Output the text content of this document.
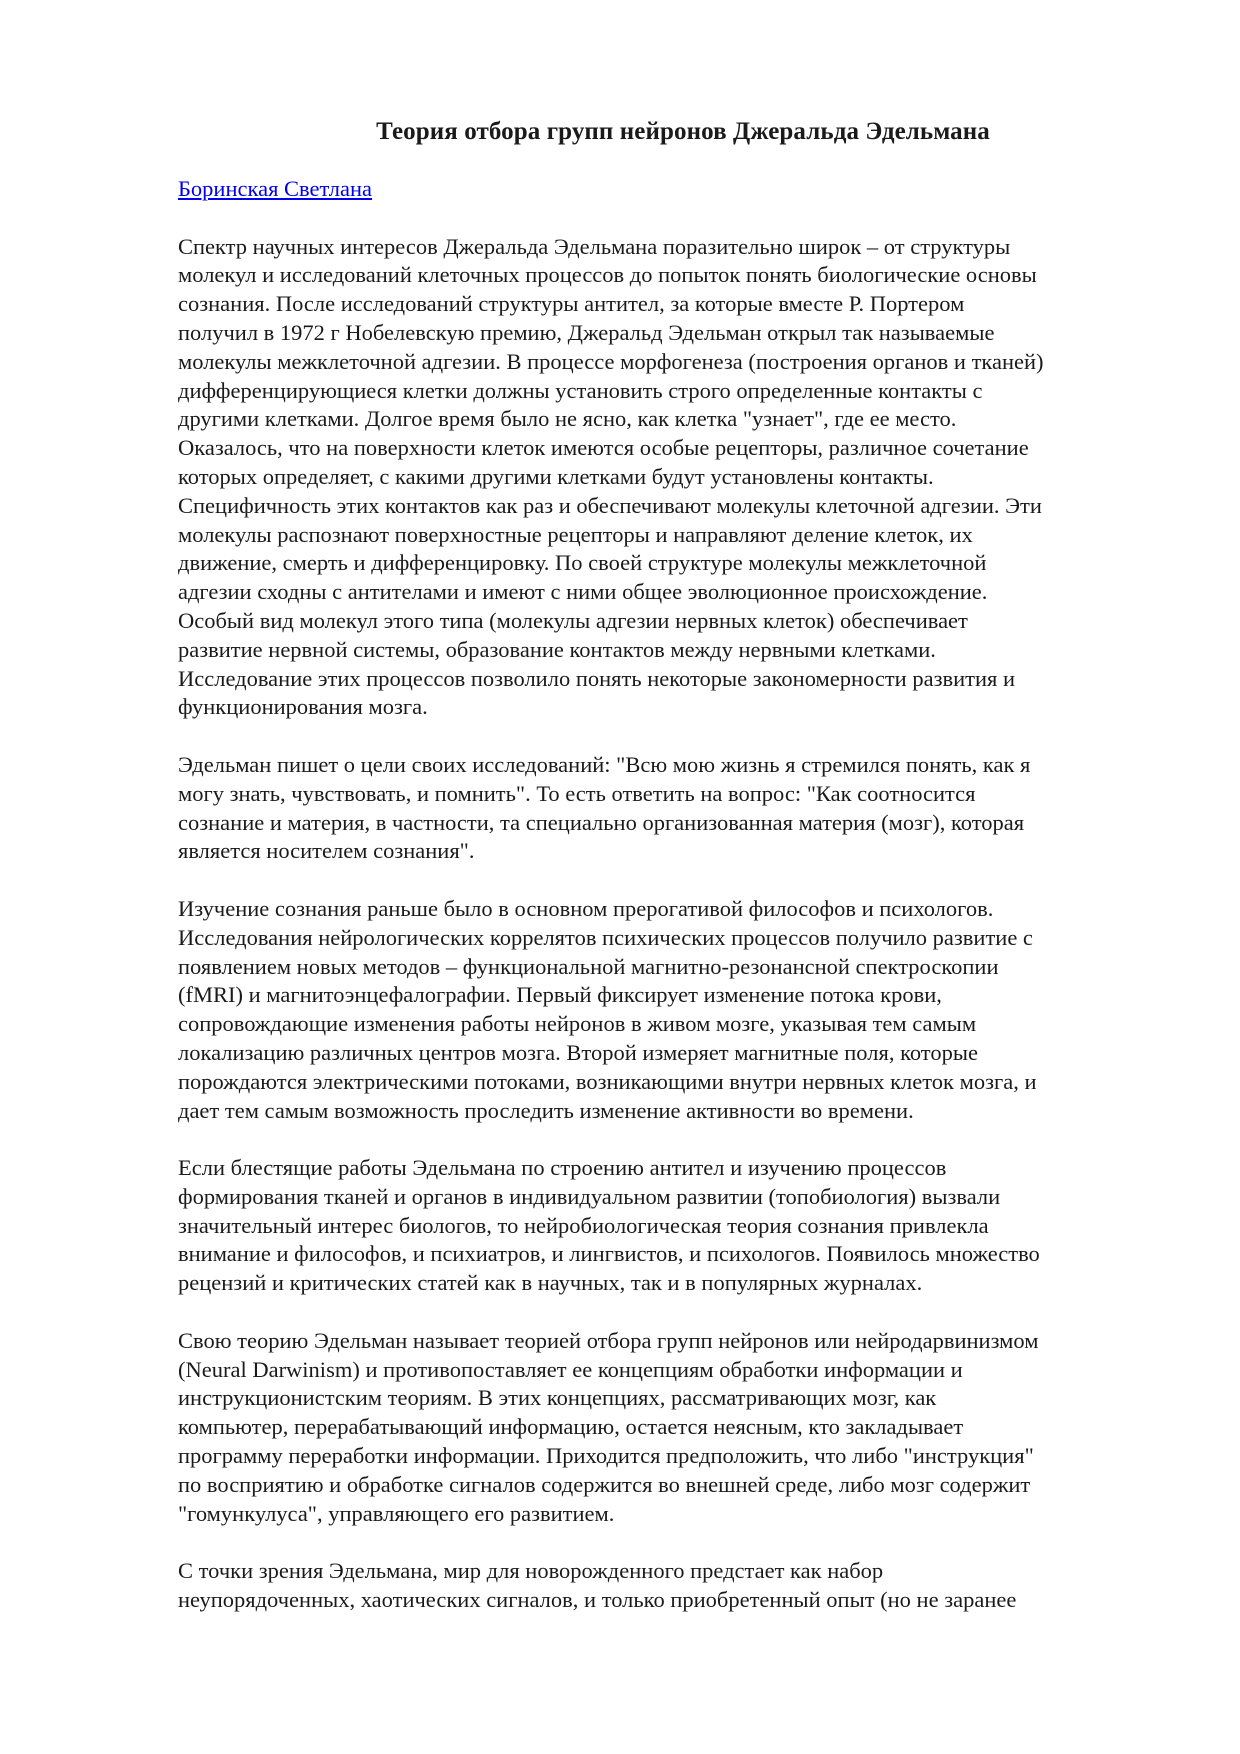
Теория отбора групп нейронов Джеральда Эдельмана
Боринская Светлана

Спектр научных интересов Джеральда Эдельмана поразительно широк – от структуры
молекул и исследований клеточных процессов до попыток понять биологические основы
сознания. После исследований структуры антител, за которые вместе Р. Портером
получил в 1972 г Нобелевскую премию, Джеральд Эдельман открыл так называемые
молекулы межклеточной адгезии. В процессе морфогенеза (построения органов и тканей)
дифференцирующиеся клетки должны установить строго определенные контакты с
другими клетками. Долгое время было не ясно, как клетка "узнает", где ее место.
Оказалось, что на поверхности клеток имеются особые рецепторы, различное сочетание
которых определяет, с какими другими клетками будут установлены контакты.
Специфичность этих контактов как раз и обеспечивают молекулы клеточной адгезии. Эти
молекулы распознают поверхностные рецепторы и направляют деление клеток, их
движение, смерть и дифференцировку. По своей структуре молекулы межклеточной
адгезии сходны с антителами и имеют с ними общее эволюционное происхождение.
Особый вид молекул этого типа (молекулы адгезии нервных клеток) обеспечивает
развитие нервной системы, образование контактов между нервными клетками.
Исследование этих процессов позволило понять некоторые закономерности развития и
функционирования мозга.

Эдельман пишет о цели своих исследований: "Всю мою жизнь я стремился понять, как я
могу знать, чувствовать, и помнить". То есть ответить на вопрос: "Как соотносится
сознание и материя, в частности, та специально организованная материя (мозг), которая
является носителем сознания".

Изучение сознания раньше было в основном прерогативой философов и психологов.
Исследования нейрологических коррелятов психических процессов получило развитие с
появлением новых методов – функциональной магнитно-резонансной спектроскопии
(fMRI) и магнитоэнцефалографии. Первый фиксирует изменение потока крови,
сопровождающие изменения работы нейронов в живом мозге, указывая тем самым
локализацию различных центров мозга. Второй измеряет магнитные поля, которые
порождаются электрическими потоками, возникающими внутри нервных клеток мозга, и
дает тем самым возможность проследить изменение активности во времени.

Если блестящие работы Эдельмана по строению антител и изучению процессов
формирования тканей и органов в индивидуальном развитии (топобиология) вызвали
значительный интерес биологов, то нейробиологическая теория сознания привлекла
внимание и философов, и психиатров, и лингвистов, и психологов. Появилось множество
рецензий и критических статей как в научных, так и в популярных журналах.

Свою теорию Эдельман называет теорией отбора групп нейронов или нейродарвинизмом
(Neural Darwinism) и противопоставляет ее концепциям обработки информации и
инструкционистским теориям. В этих концепциях, рассматривающих мозг, как
компьютер, перерабатывающий информацию, остается неясным, кто закладывает
программу переработки информации. Приходится предположить, что либо "инструкция"
по восприятию и обработке сигналов содержится во внешней среде, либо мозг содержит
"гомункулуса", управляющего его развитием.

С точки зрения Эдельмана, мир для новорожденного предстает как набор
неупорядоченных, хаотических сигналов, и только приобретенный опыт (но не заранее
